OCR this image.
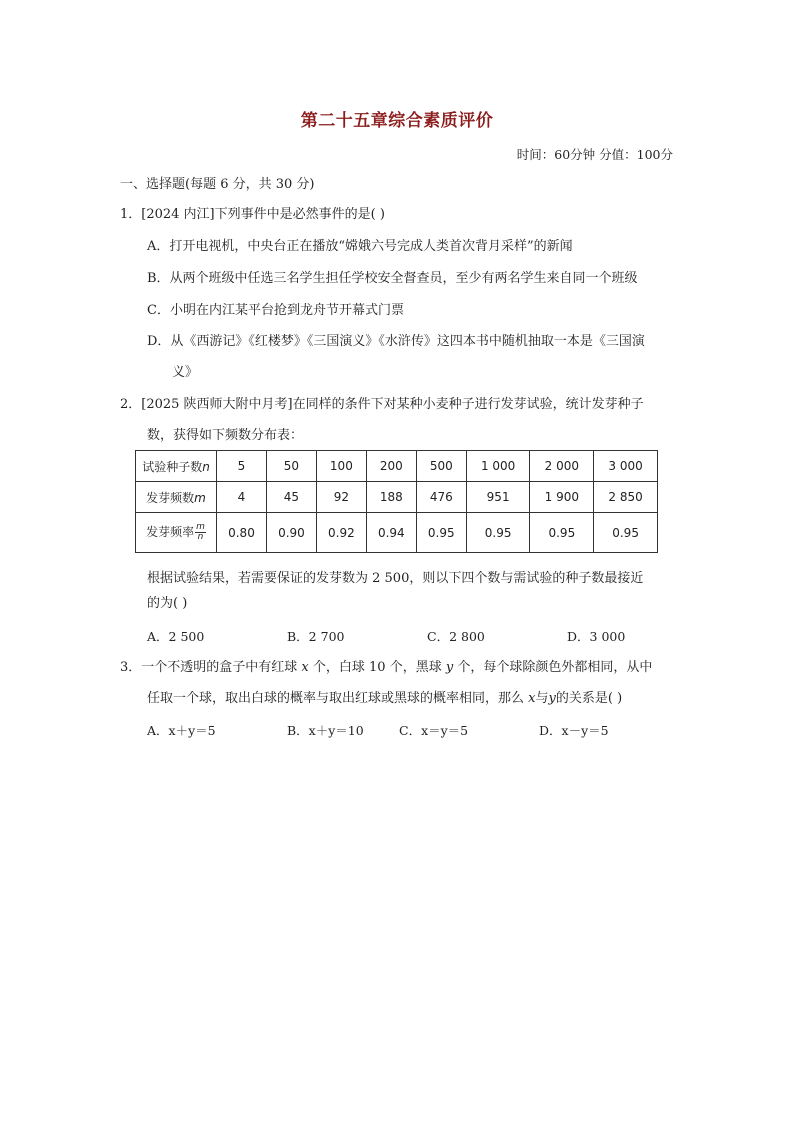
第二十五章综合素质评价
时间：60分钟 分值：100分
一、选择题(每题 6 分，共 30 分)
1．[2024 内江]下列事件中是必然事件的是( )
A．打开电视机，中央台正在播放“嫦娥六号完成人类首次背月采样”的新闻
B．从两个班级中任选三名学生担任学校安全督查员，至少有两名学生来自同一个班级
C．小明在内江某平台抢到龙舟节开幕式门票
D．从《西游记》《红楼梦》《三国演义》《水浒传》这四本书中随机抽取一本是《三国演
义》
2．[2025 陕西师大附中月考]在同样的条件下对某种小麦种子进行发芽试验，统计发芽种子
数，获得如下频数分布表：
试验种子数n	5	50	100	200	500	1 000	2 000	3 000
发芽频数m	4	45	92	188	476	951	1 900	2 850
发芽频率 $\frac{m}{n}$	0.80	0.90	0.92	0.94	0.95	0.95	0.95	0.95
根据试验结果，若需要保证的发芽数为 2 500，则以下四个数与需试验的种子数最接近
的为( )
A．2 500	B．2 700	C．2 800	D．3 000
3．一个不透明的盒子中有红球 x 个，白球 10 个，黑球 y 个，每个球除颜色外都相同，从中
任取一个球，取出白球的概率与取出红球或黑球的概率相同，那么 x与y的关系是( )
A．x＋y＝5	B．x＋y＝10	C．x＝y＝5	D．x－y＝5
